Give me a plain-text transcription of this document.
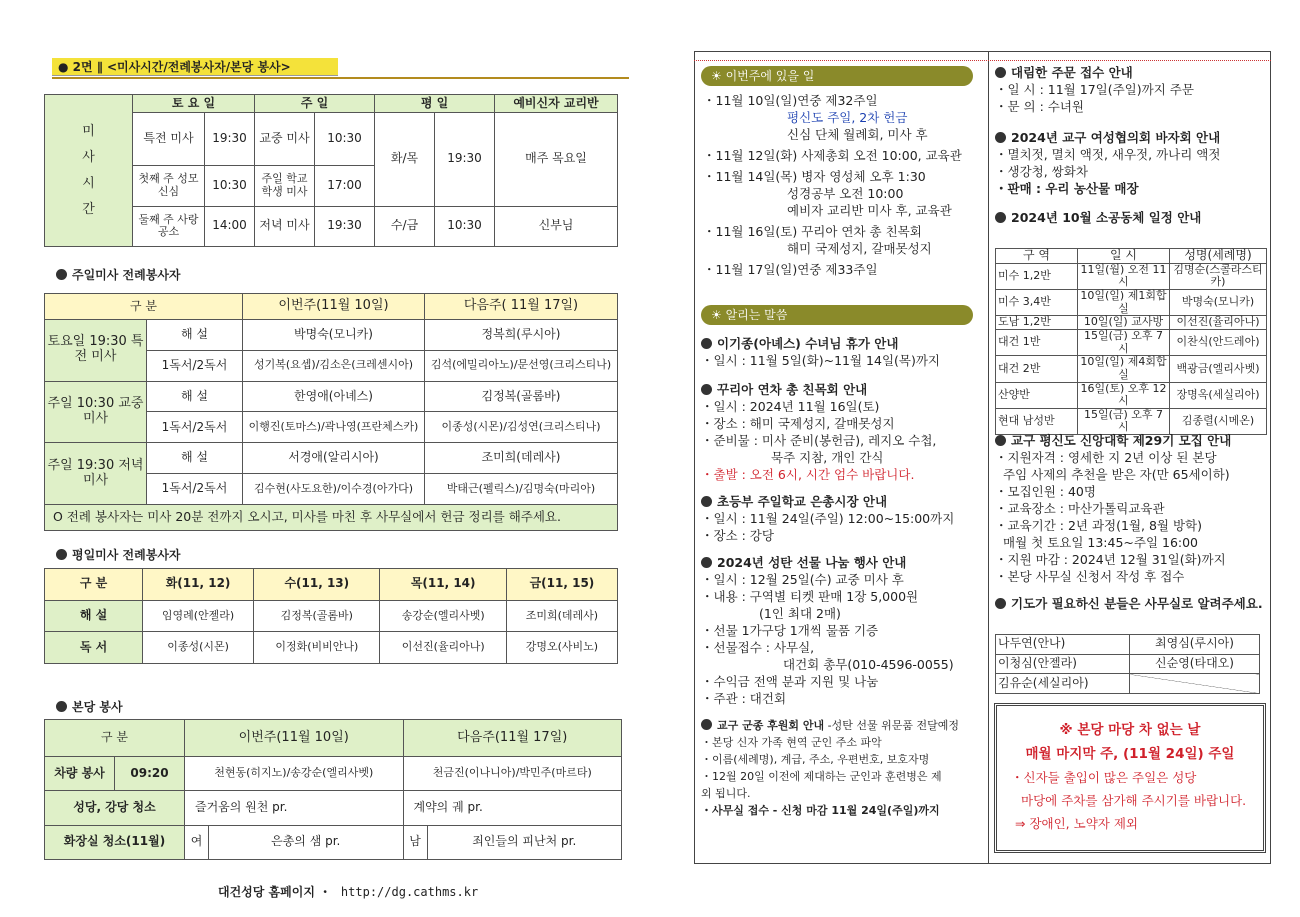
● 2면 ∥ <미사시간/전례봉사자/본당 봉사>
미
사
시
간	토 요 일		주 일		평 일		예비신자 교리반
	특전 미사	19:30	교중 미사	10:30	화/목	19:30	매주 목요일
	첫째 주 성모 신심	10:30	주일 학교 학생 미사	17:00			
	둘째 주 사랑 공소	14:00	저녁 미사	19:30	수/금	10:30	신부님
주일미사 전례봉사자
구 분		이번주(11월 10일)	다음주( 11월 17일)
토요일 19:30 특전 미사	해 설	박명숙(모니카)	정복희(루시아)
	1독서/2독서	성기복(요셉)/김소은(크레센시아)	김석(에밀리아노)/문선영(크리스티나)
주일 10:30 교중 미사	해 설	한영애(아녜스)	김정복(골롬바)
	1독서/2독서	이행진(토마스)/곽나영(프란체스카)	이종성(시몬)/김성연(크리스티나)
주일 19:30 저녁 미사	해 설	서경애(알리시아)	조미희(데레사)
	1독서/2독서	김수현(사도요한)/이수경(아가다)	박태근(펠릭스)/김명숙(마리아)
O 전례 봉사자는 미사 20분 전까지 오시고, 미사를 마친 후 사무실에서 헌금 정리를 해주세요.			
평일미사 전례봉사자
구 분	화(11, 12)	수(11, 13)	목(11, 14)	금(11, 15)
해 설	임영례(안젤라)	김정복(골롬바)	송강순(엘리사벳)	조미희(데레사)
독 서	이종성(시몬)	이정화(비비안나)	이선진(율리아나)	강명오(사비노)
본당 봉사
구 분		이번주(11월 10일)		다음주(11월 17일)	
차량 봉사	09:20	천현동(히지노)/송강순(엘리사벳)		천금진(이나니아)/박민주(마르타)	
성당, 강당 청소		즐거움의 원천 pr.		계약의 궤 pr.	
화장실 청소(11월)		여	은총의 샘 pr.	남	죄인들의 피난처 pr.
대건성당 홈페이지 ・ http://dg.cathms.kr
☀ 이번주에 있을 일
・11월 10일(일)연중 제32주일
평신도 주일, 2차 헌금
신심 단체 월례회, 미사 후
・11월 12일(화) 사제총회 오전 10:00, 교육관
・11월 14일(목) 병자 영성체 오후 1:30
성경공부 오전 10:00
예비자 교리반 미사 후, 교육관
・11월 16일(토) 꾸리아 연차 총 친목회
해미 국제성지, 갈매못성지
・11월 17일(일)연중 제33주일
☀ 알리는 말씀
이기종(아녜스) 수녀님 휴가 안내
・일시 : 11월 5일(화)~11월 14일(목)까지
꾸리아 연차 총 친목회 안내
・일시 : 2024년 11월 16일(토)
・장소 : 해미 국제성지, 갈매못성지
・준비물 : 미사 준비(봉헌금), 레지오 수첩,
묵주 지참, 개인 간식
・출발 : 오전 6시, 시간 엄수 바랍니다.
초등부 주일학교 은총시장 안내
・일시 : 11월 24일(주일) 12:00~15:00까지
・장소 : 강당
2024년 성탄 선물 나눔 행사 안내
・일시 : 12월 25일(수) 교중 미사 후
・내용 : 구역별 티켓 판매 1장 5,000원
(1인 최대 2매)
・선물 1가구당 1개씩 물품 기증
・선물접수 : 사무실,
대건회 총무(010-4596-0055)
・수익금 전액 분과 지원 및 나눔
・주관 : 대건회
교구 군종 후원회 안내 -성탄 선물 위문품 전달예정
・본당 신자 가족 현역 군인 주소 파악
・이름(세례명), 계급, 주소, 우편번호, 보호자명
・12월 20일 이전에 제대하는 군인과 훈련병은 제
외 됩니다.
・사무실 접수 - 신청 마감 11월 24일(주일)까지
대림한 주문 접수 안내
・일 시 : 11월 17일(주일)까지 주문
・문 의 : 수녀원
2024년 교구 여성협의회 바자회 안내
・멸치젓, 멸치 액젓, 새우젓, 까나리 액젓
・생강청, 쌍화차
・판매 : 우리 농산물 매장
2024년 10월 소공동체 일정 안내
구 역	일 시	성명(세례명)
미수 1,2반	11일(월) 오전 11시	김명순(스콜라스티카)
미수 3,4반	10일(일) 제1회합실	박명숙(모니카)
도남 1,2반	10일(일) 교사방	이선진(율리아나)
대건 1반	15일(금) 오후 7시	이찬식(안드레아)
대건 2반	10일(일) 제4회합실	백광금(엘리사벳)
산양반	16일(토) 오후 12시	장명옥(세실리아)
현대 남성반	15일(금) 오후 7시	김종렬(시메온)
교구 평신도 신앙대학 제29기 모집 안내
・지원자격 : 영세한 지 2년 이상 된 본당
주임 사제의 추천을 받은 자(만 65세이하)
・모집인원 : 40명
・교육장소 : 마산가톨릭교육관
・교육기간 : 2년 과정(1월, 8월 방학)
매월 첫 토요일 13:45~주일 16:00
・지원 마감 : 2024년 12월 31일(화)까지
・본당 사무실 신청서 작성 후 접수
기도가 필요하신 분들은 사무실로 알려주세요.
나두연(안나)	최영심(루시아)
이청심(안젤라)	신순영(타대오)
김유순(세실리아)	
※ 본당 마당 차 없는 날
매월 마지막 주, (11월 24일) 주일
・신자들 출입이 많은 주일은 성당
마당에 주차를 삼가해 주시기를 바랍니다.
⇒ 장애인, 노약자 제외
